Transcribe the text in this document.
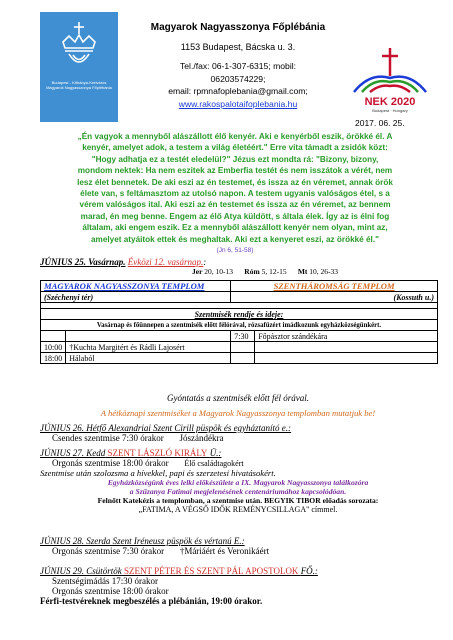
Budapest - Kőbánya-Kertváros Magyarok Nagyasszonya Főplébánia
Magyarok Nagyasszonya Főplébánia
1153 Budapest, Bácska u. 3.
Tel./fax: 06-1-307-6315; mobil:
06203574229;
email: rpmnafoplebania@gmail.com;
www.rakospalotaifoplebania.hu	NEK 2020
Budapest · Hungary
2017. 06. 25.
„Én vagyok a mennyből alászállott élő kenyér. Aki e kenyérből eszik, örökké él. A
kenyér, amelyet adok, a testem a világ életéért." Erre vita támadt a zsidók közt:
"Hogy adhatja ez a testét eledelül?" Jézus ezt mondta rá: "Bizony, bizony,
mondom nektek: Ha nem eszitek az Emberfia testét és nem isszátok a vérét, nem
lesz élet bennetek. De aki eszi az én testemet, és issza az én véremet, annak örök
élete van, s feltámasztom az utolsó napon. A testem ugyanis valóságos étel, s a
vérem valóságos ital. Aki eszi az én testemet és issza az én véremet, az bennem
marad, én meg benne. Engem az élő Atya küldött, s általa élek. Így az is élni fog
általam, aki engem eszik. Ez a mennyből alászállott kenyér nem olyan, mint az,
amelyet atyáitok ettek és meghaltak. Aki ezt a kenyeret eszi, az örökké él."
(Jn 6, 51-58)
JÚNIUS 25. Vasárnap. Évközi 12. vasárnap.:
Jer 20, 10-13 Róm 5, 12-15 Mt 10, 26-33
MAGYAROK NAGYASSZONYA TEMPLOM		SZENTHÁROMSÁG TEMPLOM	
(Széchenyi tér)		(Kossuth u.)	

Szentmisék rendje és ideje:			
Vasárnap és főünnepen a szentmisék előtt félórával, rózsafüzért imádkozunk egyházközségünkért.			
		7:30	Főpásztor szándékára
10:00	†Kuchta Margitért és Rádli Lajosért		
18:00	Hálaból		
Gyóntatás a szentmisék előtt fél órával.
A hétköznapi szentmiséket a Magyarok Nagyasszonya templomban mutatjuk be!
JÚNIUS 26. Hétfő Alexandriai Szent Cirill püspök és egyháztanító e.:
Csendes szentmise 7:30 órakor Jószándékra
JÚNIUS 27. Kedd SZENT LÁSZLÓ KIRÁLY Ü.:
Orgonás szentmise 18:00 órakor Élő családtagokért
Szentmise után szolozsma a hívekkel, papi és szerzetesi hivatásokért.
Egyházközségünk éves lelki előkészülete a IX. Magyarok Nagyasszonya találkozóra
a Szűzanya Fatimai megjelenésének centenáriumához kapcsolódóan.
Felnőtt Katekézis a templomban, a szentmise után. BEGYIK TIBOR előadás sorozata:
„FATIMA, A VÉGSŐ IDŐK REMÉNYCSILLAGA" címmel.
JÚNIUS 28. Szerda Szent Iréneusz püspök és vértanú E.:
Orgonás szentmise 7:30 órakor †Máriáért és Veronikáért
JÚNIUS 29. Csütörtök SZENT PÉTER ÉS SZENT PÁL APOSTOLOK FŐ.:
Szentségimádás 17:30 órakor
Orgonás szentmise 18:00 órakor
Férfi-testvéreknek megbeszélés a plébánián, 19:00 órakor.
